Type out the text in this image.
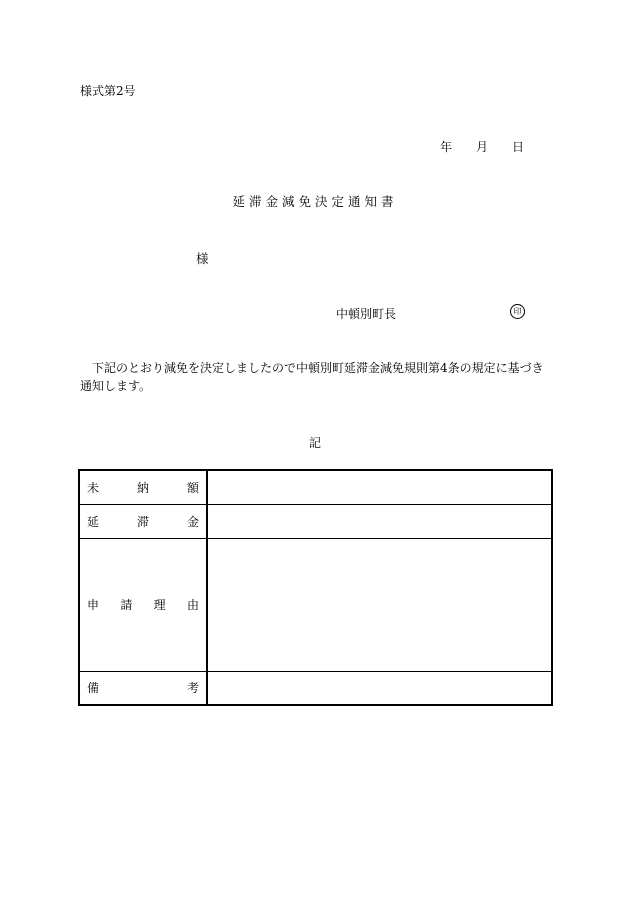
様式第2号
年 月 日
延滞金減免決定通知書
様
中頓別町長	印
下記のとおり減免を決定しましたので中頓別町延滞金減免規則第4条の規定に基づき通知します。
記
未 納 額	

延 滞 金	

申 請 理 由	

備 考	
